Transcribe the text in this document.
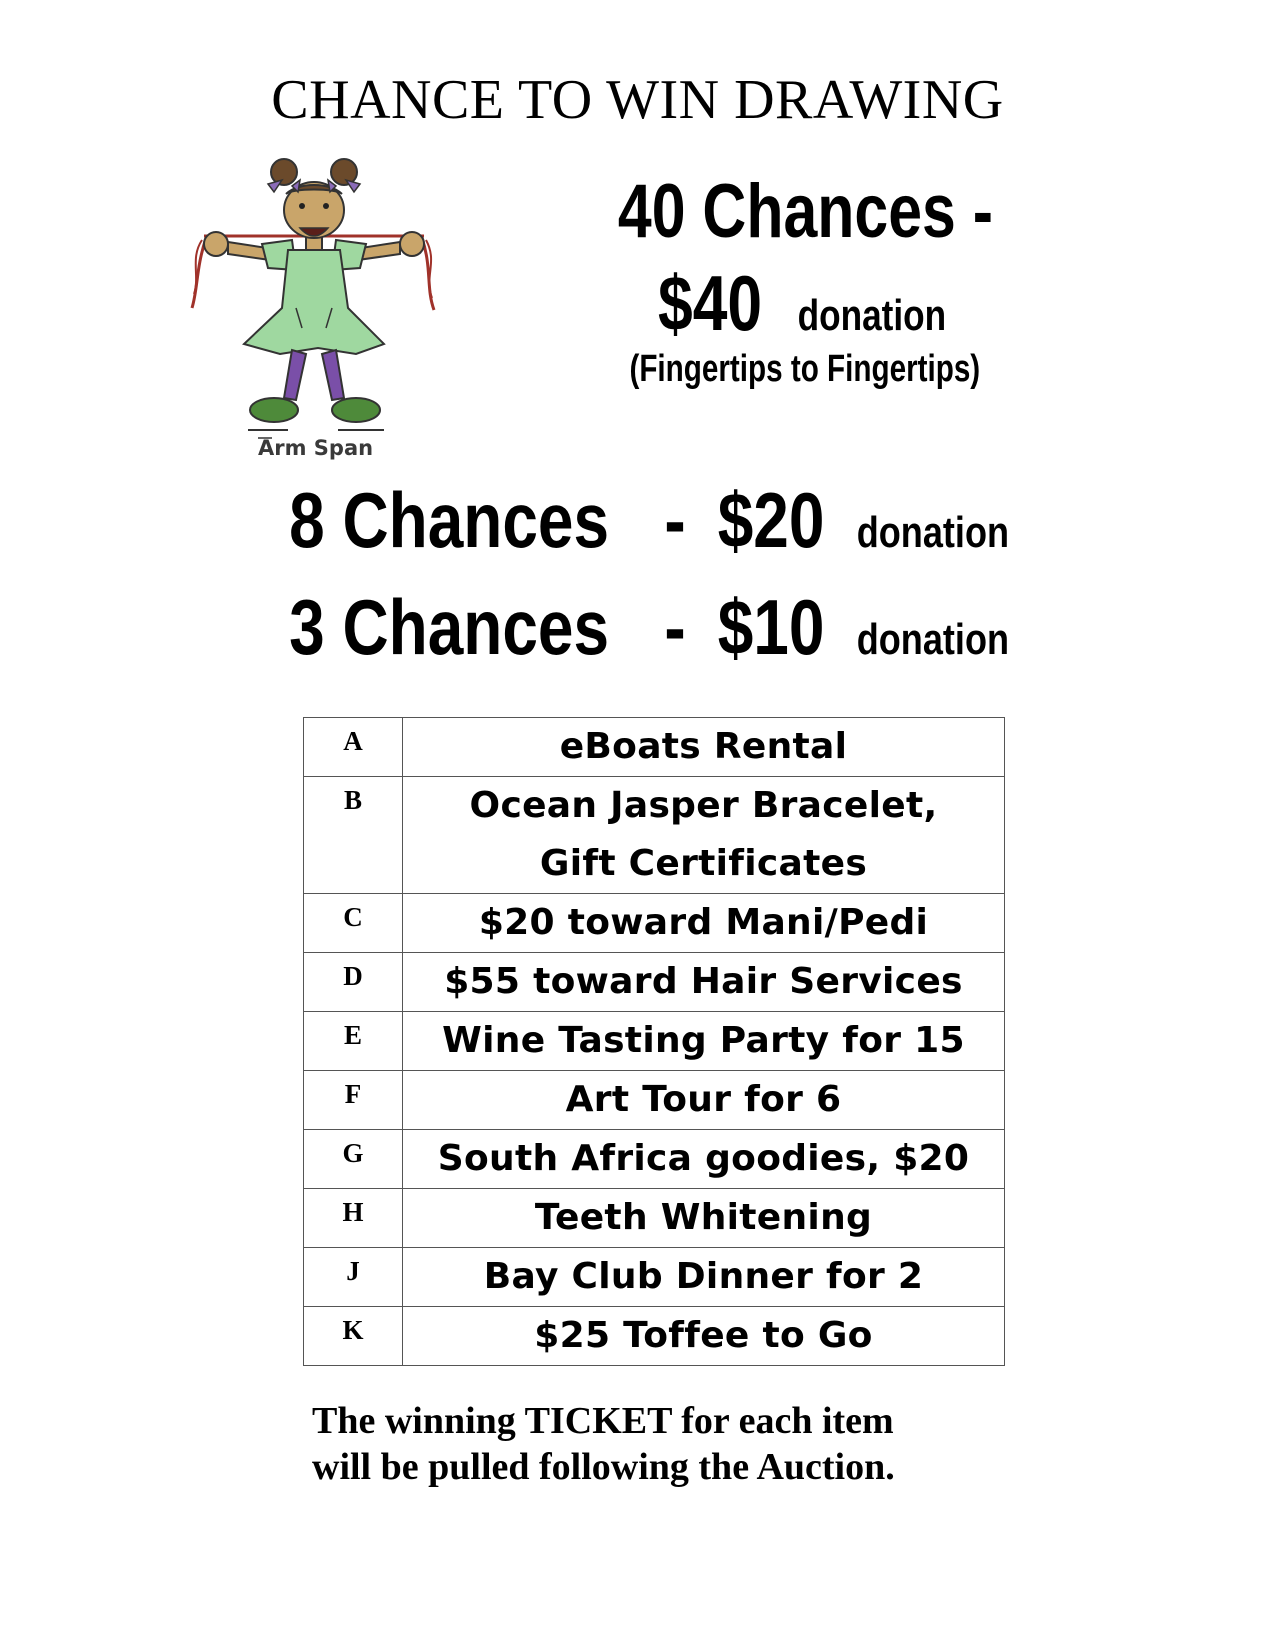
CHANCE TO WIN DRAWING
Arm Span
40 Chances -
$40 donation
(Fingertips to Fingertips)
8 Chances - $20 donation
3 Chances - $10 donation
A	eBoats Rental
B	Ocean Jasper Bracelet,
Gift Certificates

C	$20 toward Mani/Pedi
D	$55 toward Hair Services
E	Wine Tasting Party for 15
F	Art Tour for 6
G	South Africa goodies, $20
H	Teeth Whitening
J	Bay Club Dinner for 2
K	$25 Toffee to Go
The winning TICKET for each item
will be pulled following the Auction.
